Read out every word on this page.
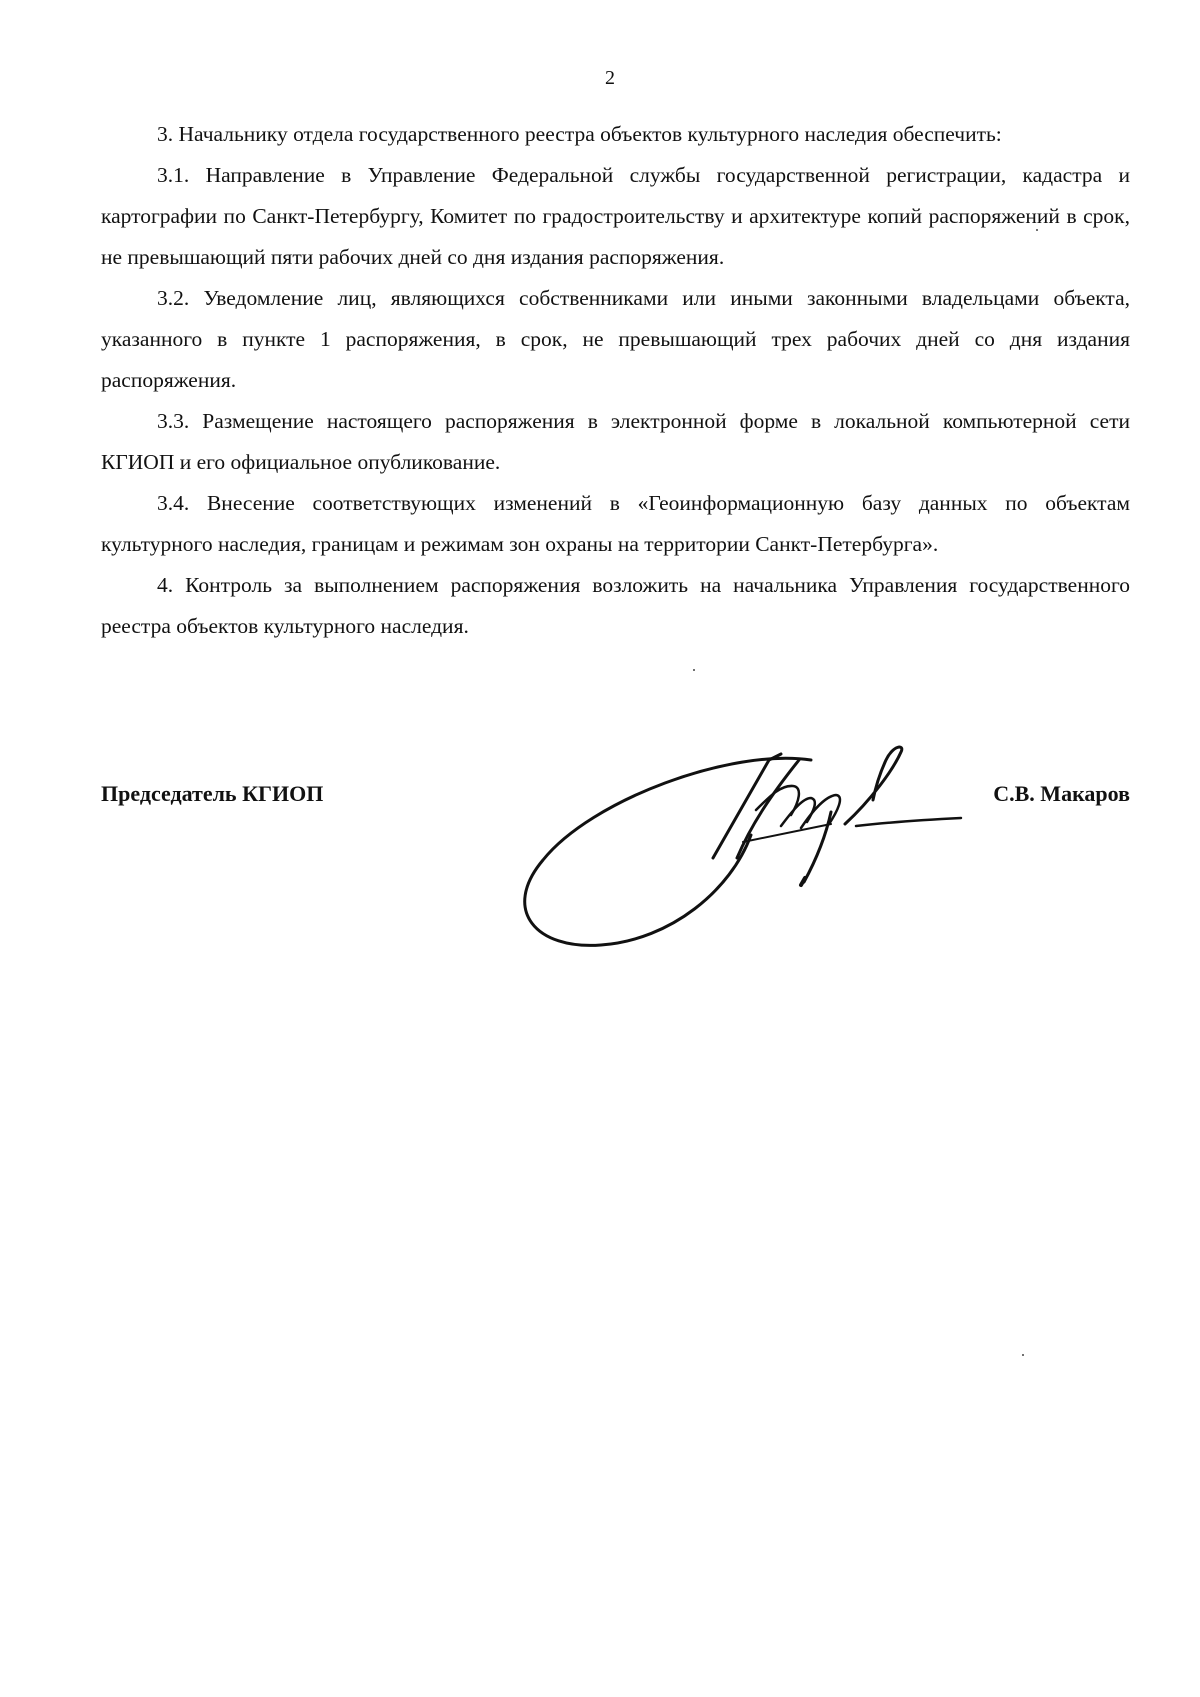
2

3. Начальнику отдела государственного реестра объектов культурного наследия обеспечить:

3.1. Направление в Управление Федеральной службы государственной регистрации, кадастра и картографии по Санкт-Петербургу, Комитет по градостроительству и архитектуре копий распоряжений в срок, не превышающий пяти рабочих дней со дня издания распоряжения.

3.2. Уведомление лиц, являющихся собственниками или иными законными владельцами объекта, указанного в пункте 1 распоряжения, в срок, не превышающий трех рабочих дней со дня издания распоряжения.

3.3. Размещение настоящего распоряжения в электронной форме в локальной компьютерной сети КГИОП и его официальное опубликование.

3.4. Внесение соответствующих изменений в «Геоинформационную базу данных по объектам культурного наследия, границам и режимам зон охраны на территории Санкт-Петербурга».

4. Контроль за выполнением распоряжения возложить на начальника Управления государственного реестра объектов культурного наследия.

Председатель КГИОП	С.В. Макаров
